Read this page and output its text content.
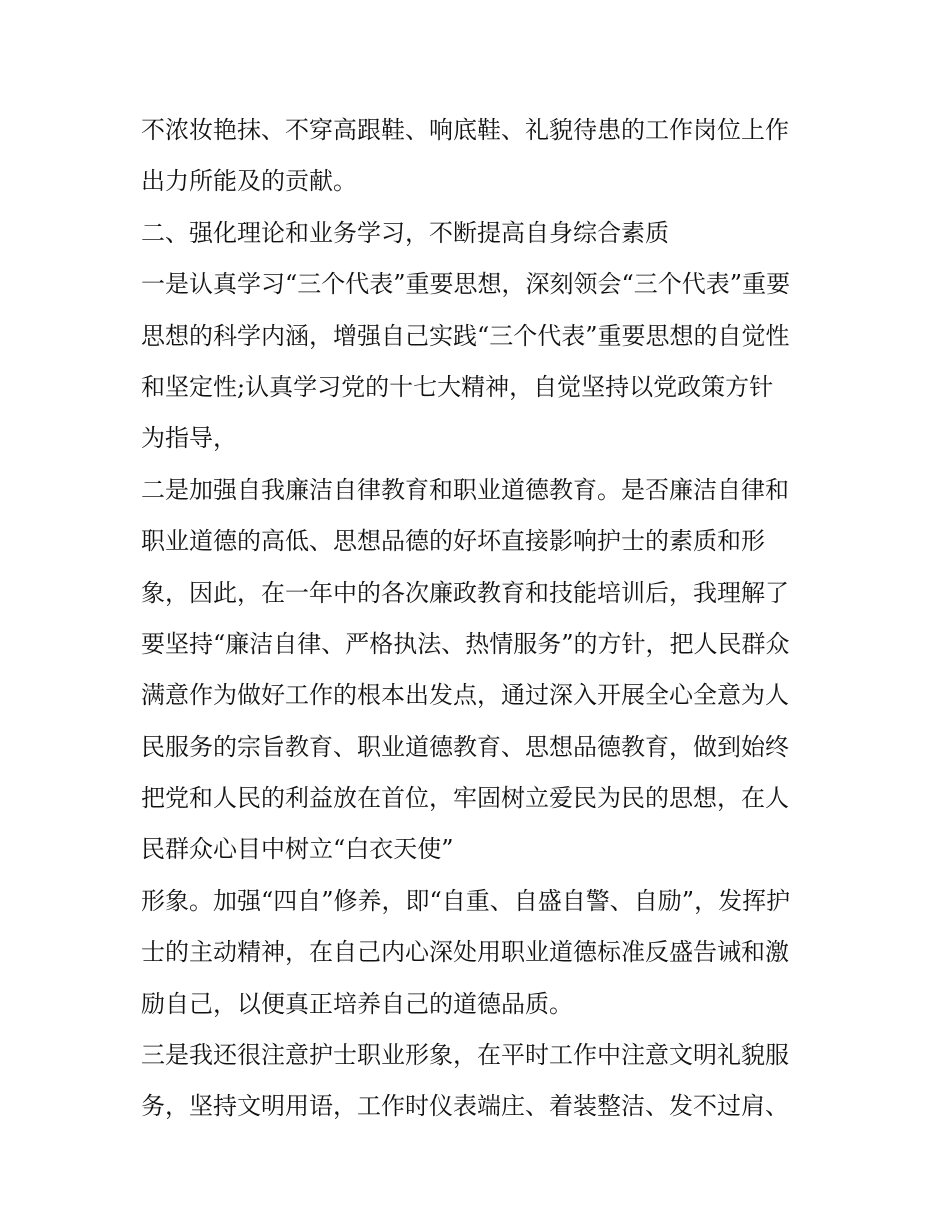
不浓妆艳抹、不穿高跟鞋、响底鞋、礼貌待患的工作岗位上作
出力所能及的贡献。
二、强化理论和业务学习，不断提高自身综合素质
一是认真学习“三个代表”重要思想，深刻领会“三个代表”重要
思想的科学内涵，增强自己实践“三个代表”重要思想的自觉性
和坚定性;认真学习党的十七大精神，自觉坚持以党政策方针
为指导，
二是加强自我廉洁自律教育和职业道德教育。是否廉洁自律和
职业道德的高低、思想品德的好坏直接影响护士的素质和形
象，因此，在一年中的各次廉政教育和技能培训后，我理解了
要坚持“廉洁自律、严格执法、热情服务”的方针，把人民群众
满意作为做好工作的根本出发点，通过深入开展全心全意为人
民服务的宗旨教育、职业道德教育、思想品德教育，做到始终
把党和人民的利益放在首位，牢固树立爱民为民的思想，在人
民群众心目中树立“白衣天使”
形象。加强“四自”修养，即“自重、自盛自警、自励”，发挥护
士的主动精神，在自己内心深处用职业道德标准反盛告诫和激
励自己，以便真正培养自己的道德品质。
三是我还很注意护士职业形象，在平时工作中注意文明礼貌服
务，坚持文明用语，工作时仪表端庄、着装整洁、发不过肩、
